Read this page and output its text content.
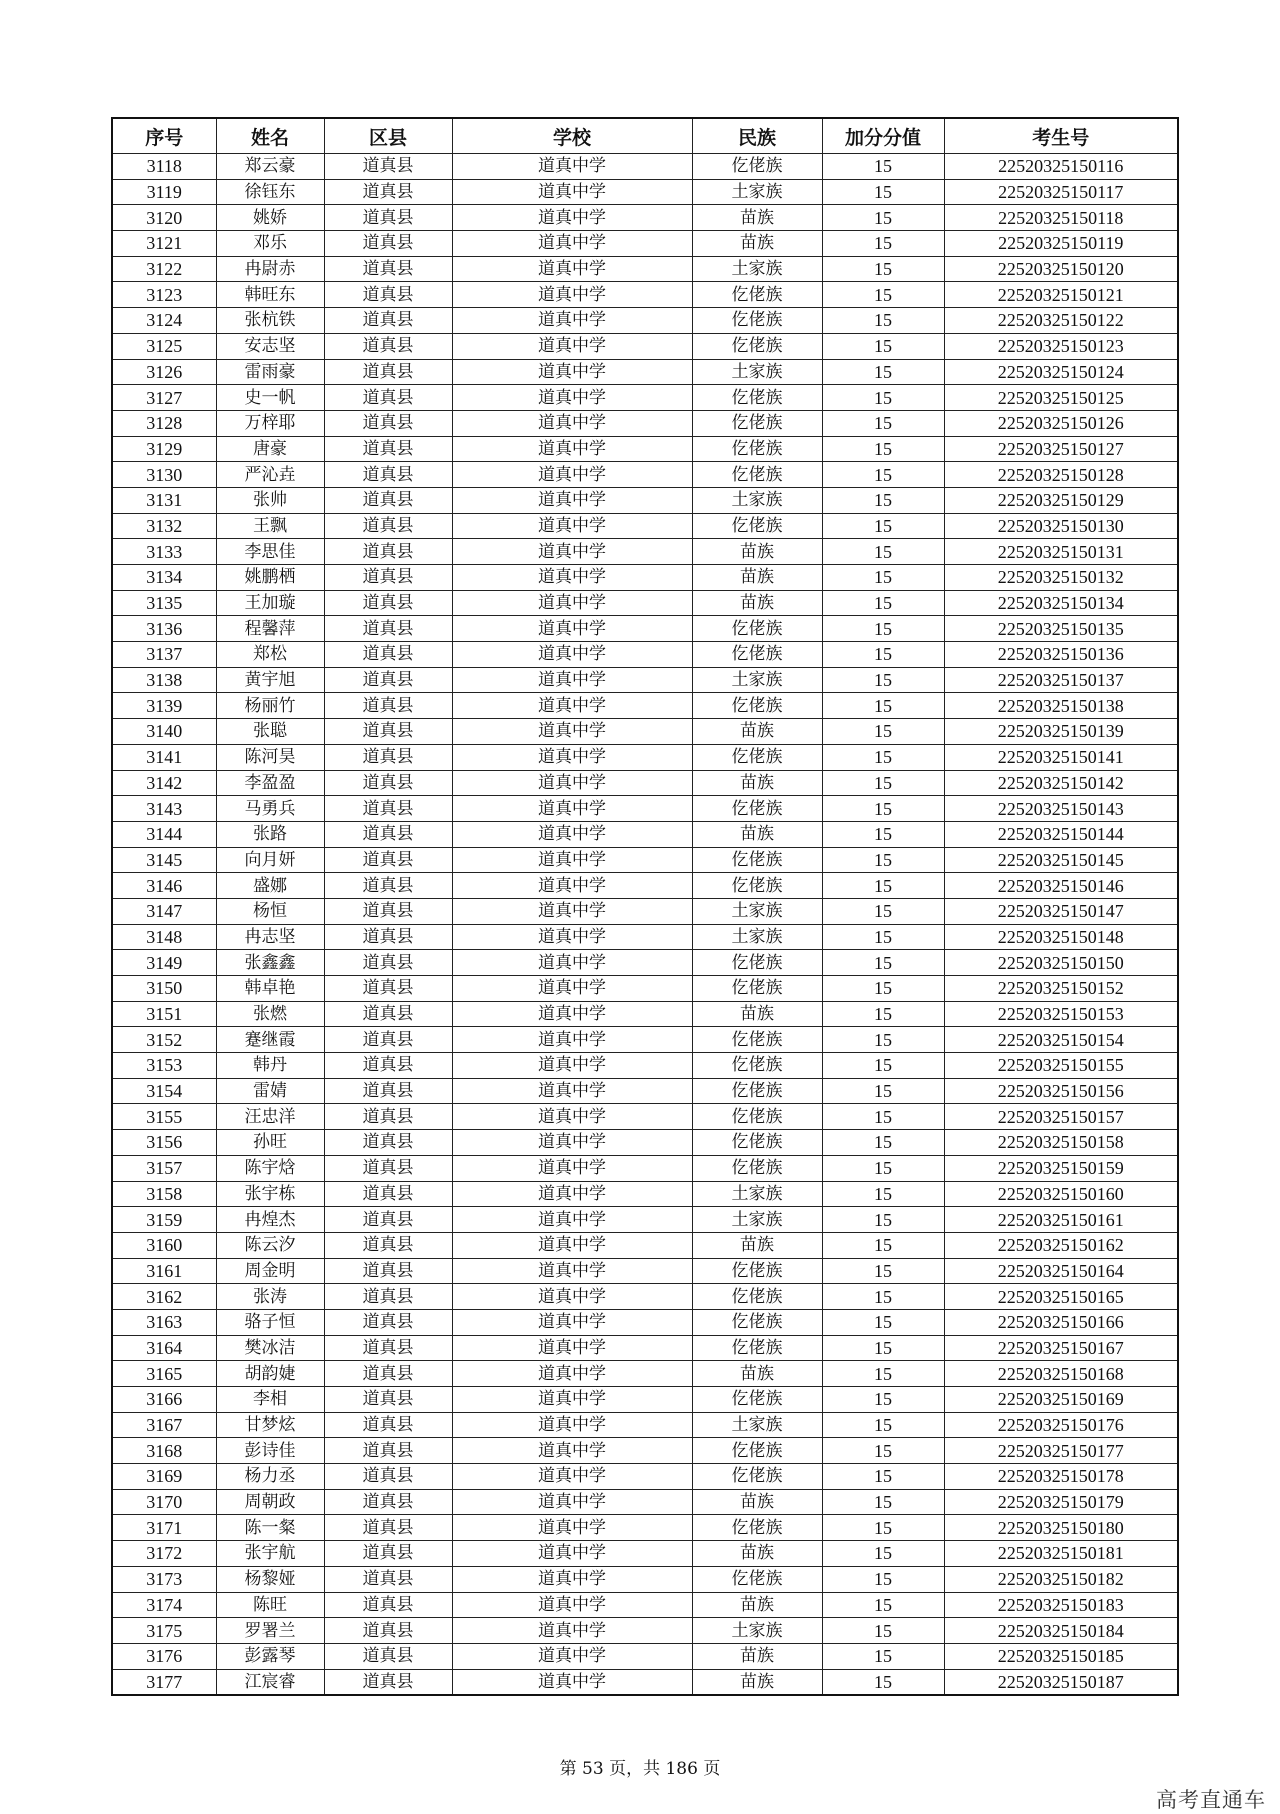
序号	姓名	区县	学校	民族	加分分值	考生号
3118	郑云豪	道真县	道真中学	仡佬族	15	22520325150116
3119	徐钰东	道真县	道真中学	土家族	15	22520325150117
3120	姚娇	道真县	道真中学	苗族	15	22520325150118
3121	邓乐	道真县	道真中学	苗族	15	22520325150119
3122	冉尉赤	道真县	道真中学	土家族	15	22520325150120
3123	韩旺东	道真县	道真中学	仡佬族	15	22520325150121
3124	张杭铁	道真县	道真中学	仡佬族	15	22520325150122
3125	安志坚	道真县	道真中学	仡佬族	15	22520325150123
3126	雷雨豪	道真县	道真中学	土家族	15	22520325150124
3127	史一帆	道真县	道真中学	仡佬族	15	22520325150125
3128	万梓耶	道真县	道真中学	仡佬族	15	22520325150126
3129	唐豪	道真县	道真中学	仡佬族	15	22520325150127
3130	严沁垚	道真县	道真中学	仡佬族	15	22520325150128
3131	张帅	道真县	道真中学	土家族	15	22520325150129
3132	王飘	道真县	道真中学	仡佬族	15	22520325150130
3133	李思佳	道真县	道真中学	苗族	15	22520325150131
3134	姚鹏栖	道真县	道真中学	苗族	15	22520325150132
3135	王加璇	道真县	道真中学	苗族	15	22520325150134
3136	程馨萍	道真县	道真中学	仡佬族	15	22520325150135
3137	郑松	道真县	道真中学	仡佬族	15	22520325150136
3138	黄宇旭	道真县	道真中学	土家族	15	22520325150137
3139	杨丽竹	道真县	道真中学	仡佬族	15	22520325150138
3140	张聪	道真县	道真中学	苗族	15	22520325150139
3141	陈河昊	道真县	道真中学	仡佬族	15	22520325150141
3142	李盈盈	道真县	道真中学	苗族	15	22520325150142
3143	马勇兵	道真县	道真中学	仡佬族	15	22520325150143
3144	张路	道真县	道真中学	苗族	15	22520325150144
3145	向月妍	道真县	道真中学	仡佬族	15	22520325150145
3146	盛娜	道真县	道真中学	仡佬族	15	22520325150146
3147	杨恒	道真县	道真中学	土家族	15	22520325150147
3148	冉志坚	道真县	道真中学	土家族	15	22520325150148
3149	张鑫鑫	道真县	道真中学	仡佬族	15	22520325150150
3150	韩卓艳	道真县	道真中学	仡佬族	15	22520325150152
3151	张燃	道真县	道真中学	苗族	15	22520325150153
3152	蹇继霞	道真县	道真中学	仡佬族	15	22520325150154
3153	韩丹	道真县	道真中学	仡佬族	15	22520325150155
3154	雷婧	道真县	道真中学	仡佬族	15	22520325150156
3155	汪忠洋	道真县	道真中学	仡佬族	15	22520325150157
3156	孙旺	道真县	道真中学	仡佬族	15	22520325150158
3157	陈宇焓	道真县	道真中学	仡佬族	15	22520325150159
3158	张宇栋	道真县	道真中学	土家族	15	22520325150160
3159	冉煌杰	道真县	道真中学	土家族	15	22520325150161
3160	陈云汐	道真县	道真中学	苗族	15	22520325150162
3161	周金明	道真县	道真中学	仡佬族	15	22520325150164
3162	张涛	道真县	道真中学	仡佬族	15	22520325150165
3163	骆子恒	道真县	道真中学	仡佬族	15	22520325150166
3164	樊冰洁	道真县	道真中学	仡佬族	15	22520325150167
3165	胡韵婕	道真县	道真中学	苗族	15	22520325150168
3166	李相	道真县	道真中学	仡佬族	15	22520325150169
3167	甘梦炫	道真县	道真中学	土家族	15	22520325150176
3168	彭诗佳	道真县	道真中学	仡佬族	15	22520325150177
3169	杨力丞	道真县	道真中学	仡佬族	15	22520325150178
3170	周朝政	道真县	道真中学	苗族	15	22520325150179
3171	陈一粲	道真县	道真中学	仡佬族	15	22520325150180
3172	张宇航	道真县	道真中学	苗族	15	22520325150181
3173	杨黎娅	道真县	道真中学	仡佬族	15	22520325150182
3174	陈旺	道真县	道真中学	苗族	15	22520325150183
3175	罗署兰	道真县	道真中学	土家族	15	22520325150184
3176	彭露琴	道真县	道真中学	苗族	15	22520325150185
3177	江宸睿	道真县	道真中学	苗族	15	22520325150187
第 53 页，共 186 页
高考直通车
